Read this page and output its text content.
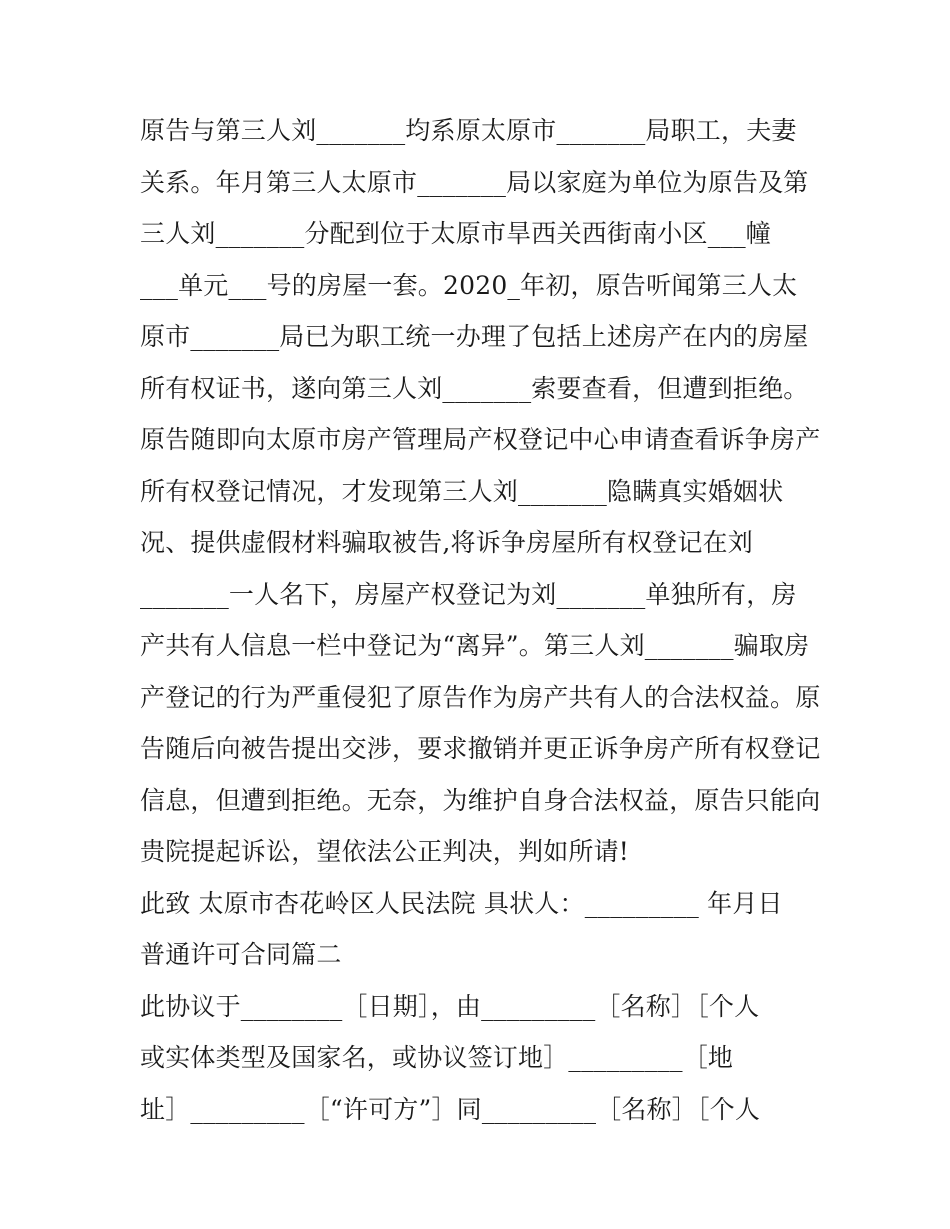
原告与第三人刘_______均系原太原市_______局职工，夫妻
关系。年月第三人太原市_______局以家庭为单位为原告及第
三人刘_______分配到位于太原市旱西关西街南小区___幢
___单元___号的房屋一套。2020_年初，原告听闻第三人太
原市_______局已为职工统一办理了包括上述房产在内的房屋
所有权证书，遂向第三人刘_______索要查看，但遭到拒绝。
原告随即向太原市房产管理局产权登记中心申请查看诉争房产
所有权登记情况，才发现第三人刘_______隐瞒真实婚姻状
况、提供虚假材料骗取被告,将诉争房屋所有权登记在刘
_______一人名下，房屋产权登记为刘_______单独所有，房
产共有人信息一栏中登记为“离异”。第三人刘_______骗取房
产登记的行为严重侵犯了原告作为房产共有人的合法权益。原
告随后向被告提出交涉，要求撤销并更正诉争房产所有权登记
信息，但遭到拒绝。无奈，为维护自身合法权益，原告只能向
贵院提起诉讼，望依法公正判决，判如所请!
此致 太原市杏花岭区人民法院 具状人：_________ 年月日
普通许可合同篇二
此协议于________［日期］，由_________［名称］［个人
或实体类型及国家名，或协议签订地］_________［地
址］_________［“许可方”］同_________［名称］［个人
